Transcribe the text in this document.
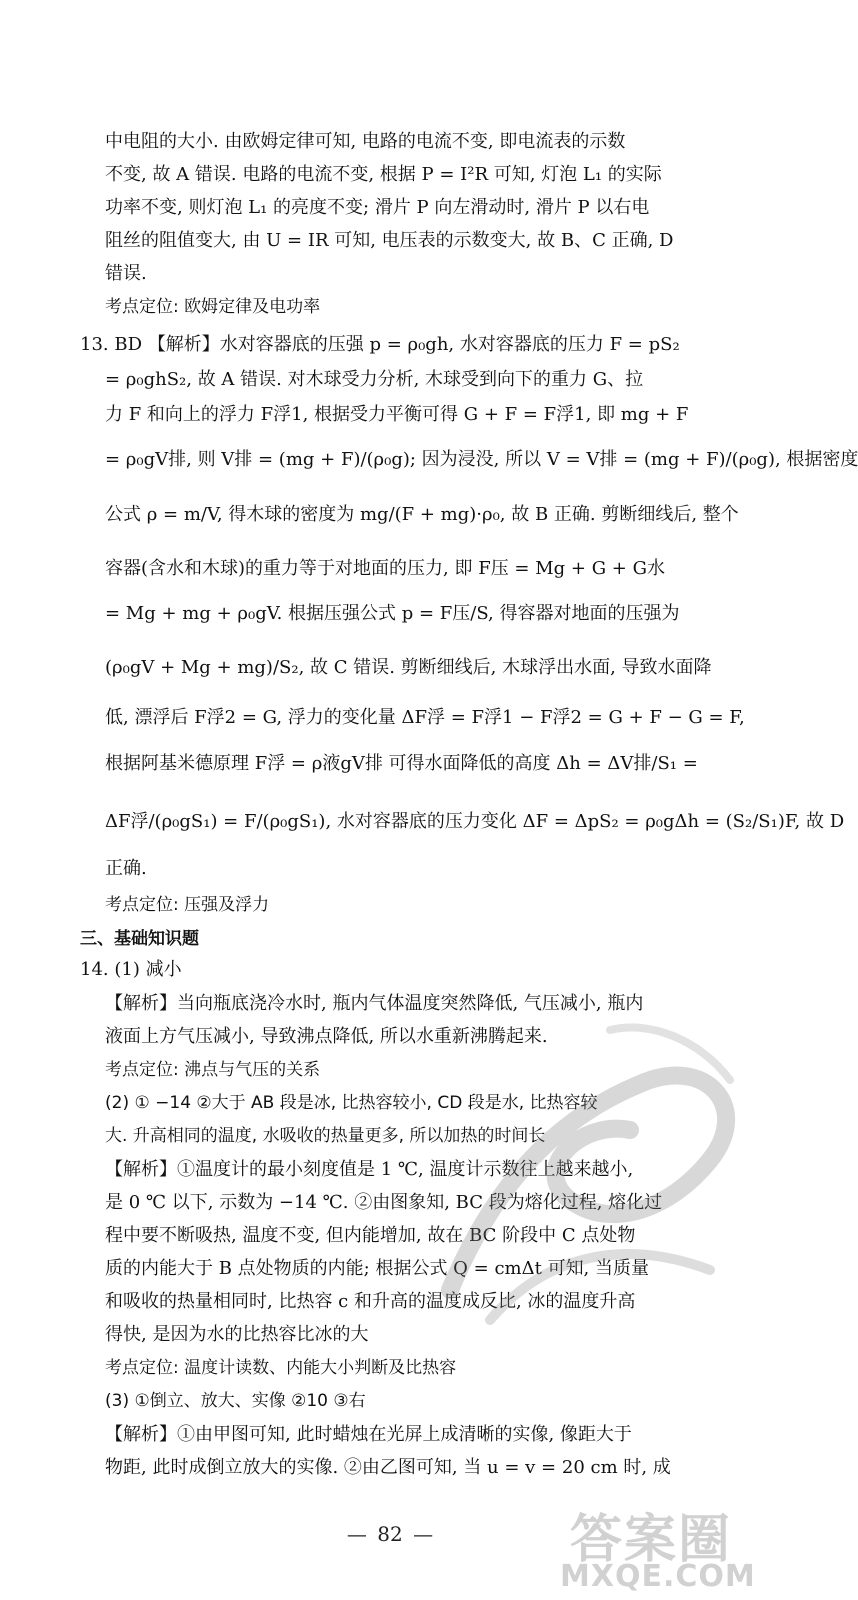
中电阻的大小. 由欧姆定律可知, 电路的电流不变, 即电流表的示数
不变, 故 A 错误. 电路的电流不变, 根据 P = I²R 可知, 灯泡 L₁ 的实际
功率不变, 则灯泡 L₁ 的亮度不变; 滑片 P 向左滑动时, 滑片 P 以右电
阻丝的阻值变大, 由 U = IR 可知, 电压表的示数变大, 故 B、C 正确, D
错误.
考点定位: 欧姆定律及电功率
13. BD 【解析】水对容器底的压强 p = ρ₀gh, 水对容器底的压力 F = pS₂
= ρ₀ghS₂, 故 A 错误. 对木球受力分析, 木球受到向下的重力 G、拉
力 F 和向上的浮力 F浮1, 根据受力平衡可得 G + F = F浮1, 即 mg + F
= ρ₀gV排, 则 V排 = (mg + F)/(ρ₀g); 因为浸没, 所以 V = V排 = (mg + F)/(ρ₀g), 根据密度
公式 ρ = m/V, 得木球的密度为 mg/(F + mg)·ρ₀, 故 B 正确. 剪断细线后, 整个
容器(含水和木球)的重力等于对地面的压力, 即 F压 = Mg + G + G水
= Mg + mg + ρ₀gV. 根据压强公式 p = F压/S, 得容器对地面的压强为
(ρ₀gV + Mg + mg)/S₂, 故 C 错误. 剪断细线后, 木球浮出水面, 导致水面降
低, 漂浮后 F浮2 = G, 浮力的变化量 ΔF浮 = F浮1 − F浮2 = G + F − G = F,
根据阿基米德原理 F浮 = ρ液gV排 可得水面降低的高度 Δh = ΔV排/S₁ =
ΔF浮/(ρ₀gS₁) = F/(ρ₀gS₁), 水对容器底的压力变化 ΔF = ΔpS₂ = ρ₀gΔh = (S₂/S₁)F, 故 D
正确.
考点定位: 压强及浮力
三、基础知识题
14. (1) 减小
【解析】当向瓶底浇冷水时, 瓶内气体温度突然降低, 气压减小, 瓶内
液面上方气压减小, 导致沸点降低, 所以水重新沸腾起来.
考点定位: 沸点与气压的关系
(2) ① −14 ②大于 AB 段是冰, 比热容较小, CD 段是水, 比热容较
大. 升高相同的温度, 水吸收的热量更多, 所以加热的时间长
【解析】①温度计的最小刻度值是 1 ℃, 温度计示数往上越来越小,
是 0 ℃ 以下, 示数为 −14 ℃. ②由图象知, BC 段为熔化过程, 熔化过
程中要不断吸热, 温度不变, 但内能增加, 故在 BC 阶段中 C 点处物
质的内能大于 B 点处物质的内能; 根据公式 Q = cmΔt 可知, 当质量
和吸收的热量相同时, 比热容 c 和升高的温度成反比, 冰的温度升高
得快, 是因为水的比热容比冰的大
考点定位: 温度计读数、内能大小判断及比热容
(3) ①倒立、放大、实像 ②10 ③右
【解析】①由甲图可知, 此时蜡烛在光屏上成清晰的实像, 像距大于
物距, 此时成倒立放大的实像. ②由乙图可知, 当 u = v = 20 cm 时, 成
— 82 —	答案圈
MXQE.COM
